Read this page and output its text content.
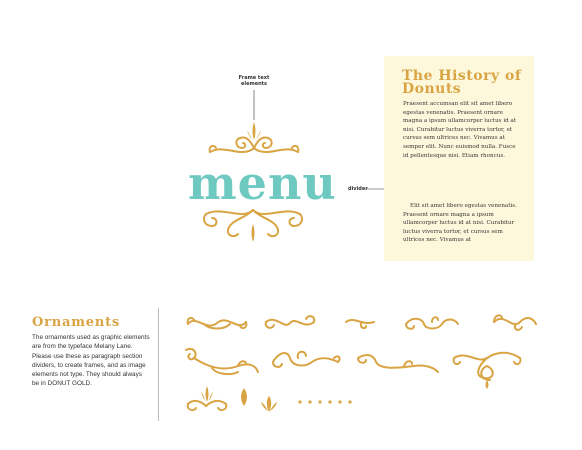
Frame text elements
divider
menu
The History of Donuts
Praesent accumsan elit sit amet libero egestas venenatis. Praesent ornare magna a ipsum ullamcorper luctus id at nisi. Curabitur luctus viverra tortor, et cursus sem ultrices nec. Vivamus at semper elit. Nunc euismod nulla. Fusce id pellentesque nisi. Etiam rhoncus.
Elit sit amet libero egestas venenatis. Praesent ornare magna a ipsum ullamcorper luctus id at nisi. Curabitur luctus viverra tortor, et cursus sem ultrices nec. Vivamus at
Ornaments
The ornaments used as graphic elements are from the typeface Melany Lane. Please use these as paragraph section dividers, to create frames, and as image elements not type. They should always be in DONUT GOLD.
